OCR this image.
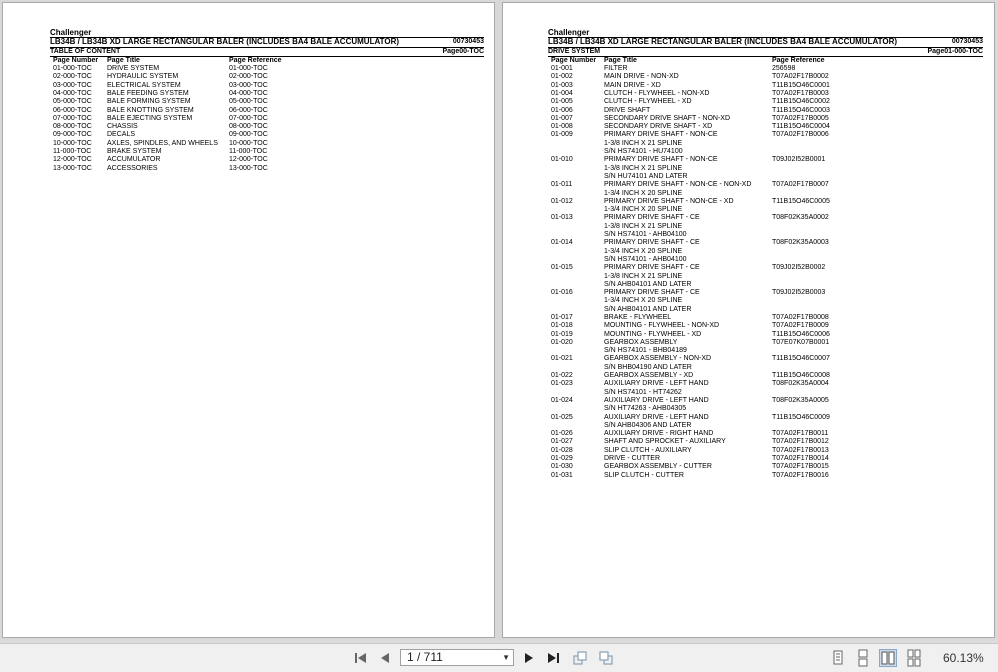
Challenger
LB34B / LB34B XD LARGE RECTANGULAR BALER (INCLUDES BA4 BALE ACCUMULATOR)	00730453
TABLE OF CONTENT	Page00-TOC
Page Number	Page Title	Page Reference
01-000-TOC	DRIVE SYSTEM	01-000-TOC
02-000-TOC	HYDRAULIC SYSTEM	02-000-TOC
03-000-TOC	ELECTRICAL SYSTEM	03-000-TOC
04-000-TOC	BALE FEEDING SYSTEM	04-000-TOC
05-000-TOC	BALE FORMING SYSTEM	05-000-TOC
06-000-TOC	BALE KNOTTING SYSTEM	06-000-TOC
07-000-TOC	BALE EJECTING SYSTEM	07-000-TOC
08-000-TOC	CHASSIS	08-000-TOC
09-000-TOC	DECALS	09-000-TOC
10-000-TOC	AXLES, SPINDLES, AND WHEELS	10-000-TOC
11-000-TOC	BRAKE SYSTEM	11-000-TOC
12-000-TOC	ACCUMULATOR	12-000-TOC
13-000-TOC	ACCESSORIES	13-000-TOC
Challenger
LB34B / LB34B XD LARGE RECTANGULAR BALER (INCLUDES BA4 BALE ACCUMULATOR)	00730453
DRIVE SYSTEM	Page01-000-TOC
Page Number	Page Title	Page Reference
01-001	FILTER	256598
01-002	MAIN DRIVE - NON-XD	T07A02F17B0002
01-003	MAIN DRIVE - XD	T11B15O46C0001
01-004	CLUTCH - FLYWHEEL - NON-XD	T07A02F17B0003
01-005	CLUTCH - FLYWHEEL - XD	T11B15O46C0002
01-006	DRIVE SHAFT	T11B15O46C0003
01-007	SECONDARY DRIVE SHAFT - NON-XD	T07A02F17B0005
01-008	SECONDARY DRIVE SHAFT - XD	T11B15O46C0004
01-009	PRIMARY DRIVE SHAFT - NON-CE	T07A02F17B0006
1-3/8 INCH X 21 SPLINE
S/N HS74101 - HU74100
01-010	PRIMARY DRIVE SHAFT - NON-CE	T09J02I52B0001
1-3/8 INCH X 21 SPLINE
S/N HU74101 AND LATER
01-011	PRIMARY DRIVE SHAFT - NON-CE - NON-XD	T07A02F17B0007
1-3/4 INCH X 20 SPLINE
01-012	PRIMARY DRIVE SHAFT - NON-CE - XD	T11B15O46C0005
1-3/4 INCH X 20 SPLINE
01-013	PRIMARY DRIVE SHAFT - CE	T08F02K35A0002
1-3/8 INCH X 21 SPLINE
S/N HS74101 - AHB04100
01-014	PRIMARY DRIVE SHAFT - CE	T08F02K35A0003
1-3/4 INCH X 20 SPLINE
S/N HS74101 - AHB04100
01-015	PRIMARY DRIVE SHAFT - CE	T09J02I52B0002
1-3/8 INCH X 21 SPLINE
S/N AHB04101 AND LATER
01-016	PRIMARY DRIVE SHAFT - CE	T09J02I52B0003
1-3/4 INCH X 20 SPLINE
S/N AHB04101 AND LATER
01-017	BRAKE - FLYWHEEL	T07A02F17B0008
01-018	MOUNTING - FLYWHEEL - NON-XD	T07A02F17B0009
01-019	MOUNTING - FLYWHEEL - XD	T11B15O46C0006
01-020	GEARBOX ASSEMBLY	T07E07K07B0001
S/N HS74101 - BHB04189
01-021	GEARBOX ASSEMBLY - NON-XD	T11B15O46C0007
S/N BHB04190 AND LATER
01-022	GEARBOX ASSEMBLY - XD	T11B15O46C0008
01-023	AUXILIARY DRIVE - LEFT HAND	T08F02K35A0004
S/N HS74101 - HT74262
01-024	AUXILIARY DRIVE - LEFT HAND	T08F02K35A0005
S/N HT74263 - AHB04305
01-025	AUXILIARY DRIVE - LEFT HAND	T11B15O46C0009
S/N AHB04306 AND LATER
01-026	AUXILIARY DRIVE - RIGHT HAND	T07A02F17B0011
01-027	SHAFT AND SPROCKET - AUXILIARY	T07A02F17B0012
01-028	SLIP CLUTCH - AUXILIARY	T07A02F17B0013
01-029	DRIVE - CUTTER	T07A02F17B0014
01-030	GEARBOX ASSEMBLY - CUTTER	T07A02F17B0015
01-031	SLIP CLUTCH - CUTTER	T07A02F17B0016
1 / 711	▼	60.13%
